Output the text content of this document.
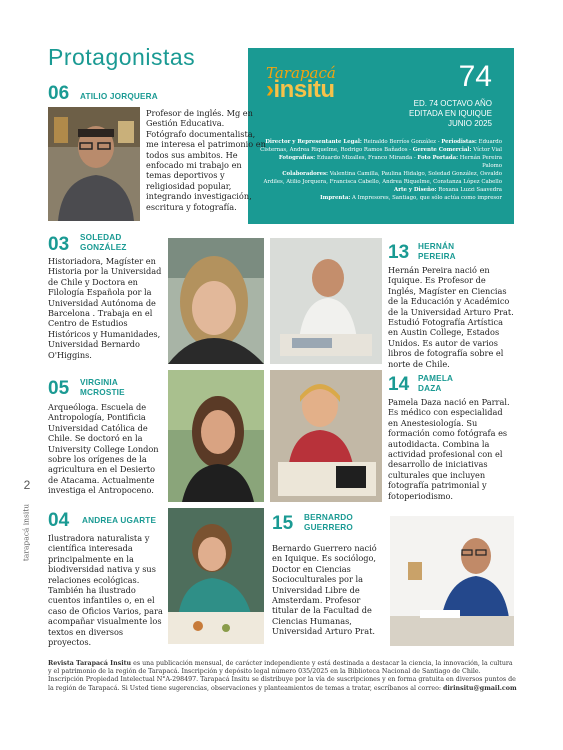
Protagonistas
2
tarapacá insitu
Tarapacá
›insitu	74
ED. 74 OCTAVO AÑO
EDITADA EN IQUIQUE
JUNIO 2025
Director y Representante Legal: Reinaldo Berríos González - Periodistas: Eduardo Cisternas, Andrea Riquelme, Rodrigo Ramos Bañados - Gerente Comercial: Víctor Vial
Fotografías: Eduardo Mizalles, Franco Miranda - Foto Portada: Hernán Pereira Palomo
Colaboradores: Valentina Camilla, Paulina Hidalgo, Soledad González, Osvaldo Ardiles, Atilio Jorquera, Francisca Cabello, Andrea Riquelme, Constanza López Cabello
Arte y Diseño: Roxana Luzzi Saavedra
Imprenta: A Impresores, Santiago, que sólo actúa como impresor
06 ATILIO JORQUERA
Profesor de inglés. Mg en Gestión Educativa. Fotógrafo documentalista, me interesa el patrimonio en todos sus ambitos. He enfocado mi trabajo en temas deportivos y religiosidad popular, integrando investigación, escritura y fotografía.
03 SOLEDAD GONZÁLEZ
Historiadora, Magíster en Historia por la Universidad de Chile y Doctora en Filología Española por la Universidad Autónoma de Barcelona . Trabaja en el Centro de Estudios Históricos y Humanidades, Universidad Bernardo O'Higgins.
13 HERNÁN PEREIRA
Hernán Pereira nació en Iquique. Es Profesor de Inglés, Magíster en Ciencias de la Educación y Académico de la Universidad Arturo Prat. Estudió Fotografía Artística en Austin College, Estados Unidos. Es autor de varios libros de fotografía sobre el norte de Chile.
05 VIRGINIA MCROSTIE
Arqueóloga. Escuela de Antropología, Pontificia Universidad Católica de Chile. Se doctoró en la University College London sobre los orígenes de la agricultura en el Desierto de Atacama. Actualmente investiga el Antropoceno.
14 PAMELA DAZA
Pamela Daza nació en Parral. Es médico con especialidad en Anestesiología. Su formación como fotógrafa es autodidacta. Combina la actividad profesional con el desarrollo de iniciativas culturales que incluyen fotografía patrimonial y fotoperiodismo.
04 ANDREA UGARTE
Ilustradora naturalista y científica interesada principalmente en la biodiversidad nativa y sus relaciones ecológicas. También ha ilustrado cuentos infantiles o, en el caso de Oficios Varios, para acompañar visualmente los textos en diversos proyectos.
15 BERNARDO GUERRERO
Bernardo Guerrero nació en Iquique. Es sociólogo, Doctor en Ciencias Socioculturales por la Universidad Libre de Amsterdam. Profesor titular de la Facultad de Ciencias Humanas, Universidad Arturo Prat.
Revista Tarapacá Insitu es una publicación mensual, de carácter independiente y está destinada a destacar la ciencia, la innovación, la cultura y el patrimonio de la región de Tarapacá. Inscripción y depósito legal número 035/2025 en la Biblioteca Nacional de Santiago de Chile. Inscripción Propiedad Intelectual N°A-298497. Tarapacá Insitu se distribuye por la vía de suscripciones y en forma gratuita en diversos puntos de la región de Tarapacá. Si Usted tiene sugerencias, observaciones y planteamientos de temas a tratar, escríbanos al correo: dirinsitu@gmail.com
